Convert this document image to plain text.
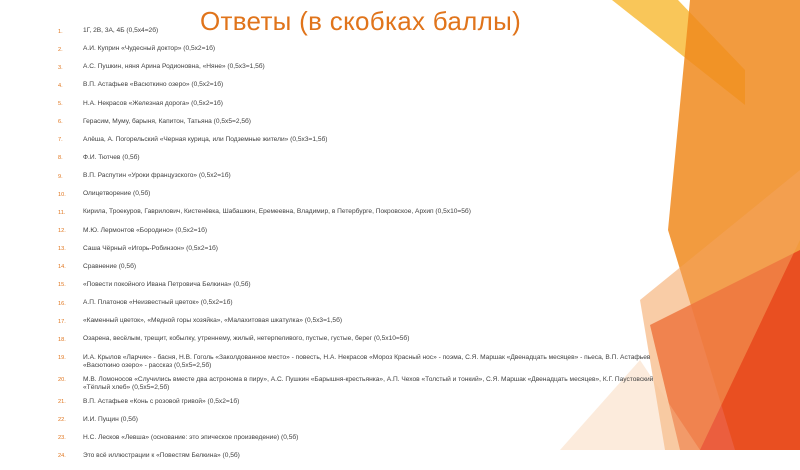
Ответы (в скобках баллы)
1.	1Г, 2В, 3А, 4Б (0,5х4=2б)
2.	А.И. Куприн «Чудесный доктор» (0,5х2=1б)
3.	А.С. Пушкин, няня Арина Родионовна, «Няне» (0,5х3=1,5б)
4.	В.П. Астафьев «Васюткино озеро» (0,5х2=1б)
5.	Н.А. Некрасов «Железная дорога» (0,5х2=1б)
6.	Герасим, Муму, барыня, Капитон, Татьяна (0,5х5=2,5б)
7.	Алёша, А. Погорельский «Черная курица, или Подземные жители» (0,5х3=1,5б)
8.	Ф.И. Тютчев (0,5б)
9.	В.П. Распутин «Уроки французского» (0,5х2=1б)
10.	Олицетворение (0,5б)
11.	Кирила, Троекуров, Гаврилович, Кистенёвка, Шабашкин, Еремеевна, Владимир, в Петербурге, Покровское, Архип (0,5х10=5б)
12.	М.Ю. Лермонтов «Бородино» (0,5х2=1б)
13.	Саша Чёрный «Игорь-Робинзон» (0,5х2=1б)
14.	Сравнение (0,5б)
15.	«Повести покойного Ивана Петровича Белкина» (0,5б)
16.	А.П. Платонов «Неизвестный цветок» (0,5х2=1б)
17.	«Каменный цветок», «Медной горы хозяйка», «Малахитовая шкатулка» (0,5х3=1,5б)
18.	Озарена, весёлым, трещит, кобылку, утреннему, жилый, нетерпеливого, пустые, густые, берег (0,5х10=5б)
19.	И.А. Крылов «Ларчик» - басня, Н.В. Гоголь «Заколдованное место» - повесть, Н.А. Некрасов «Мороз Красный нос» - поэма, С.Я. Маршак «Двенадцать месяцев» - пьеса, В.П. Астафьев «Васюткино озеро» - рассказ (0,5х5=2,5б)
20.	М.В. Ломоносов «Случились вместе два астронома в пиру», А.С. Пушкин «Барышня-крестьянка», А.П. Чехов «Толстый и тонкий», С.Я. Маршак «Двенадцать месяцев», К.Г. Паустовский «Тёплый хлеб» (0,5х5=2,5б)
21.	В.П. Астафьев «Конь с розовой гривой» (0,5х2=1б)
22.	И.И. Пущин (0,5б)
23.	Н.С. Лесков «Левша» (основание: это эпическое произведение) (0,5б)
24.	Это всё иллюстрации к «Повестям Белкина» (0,5б)
